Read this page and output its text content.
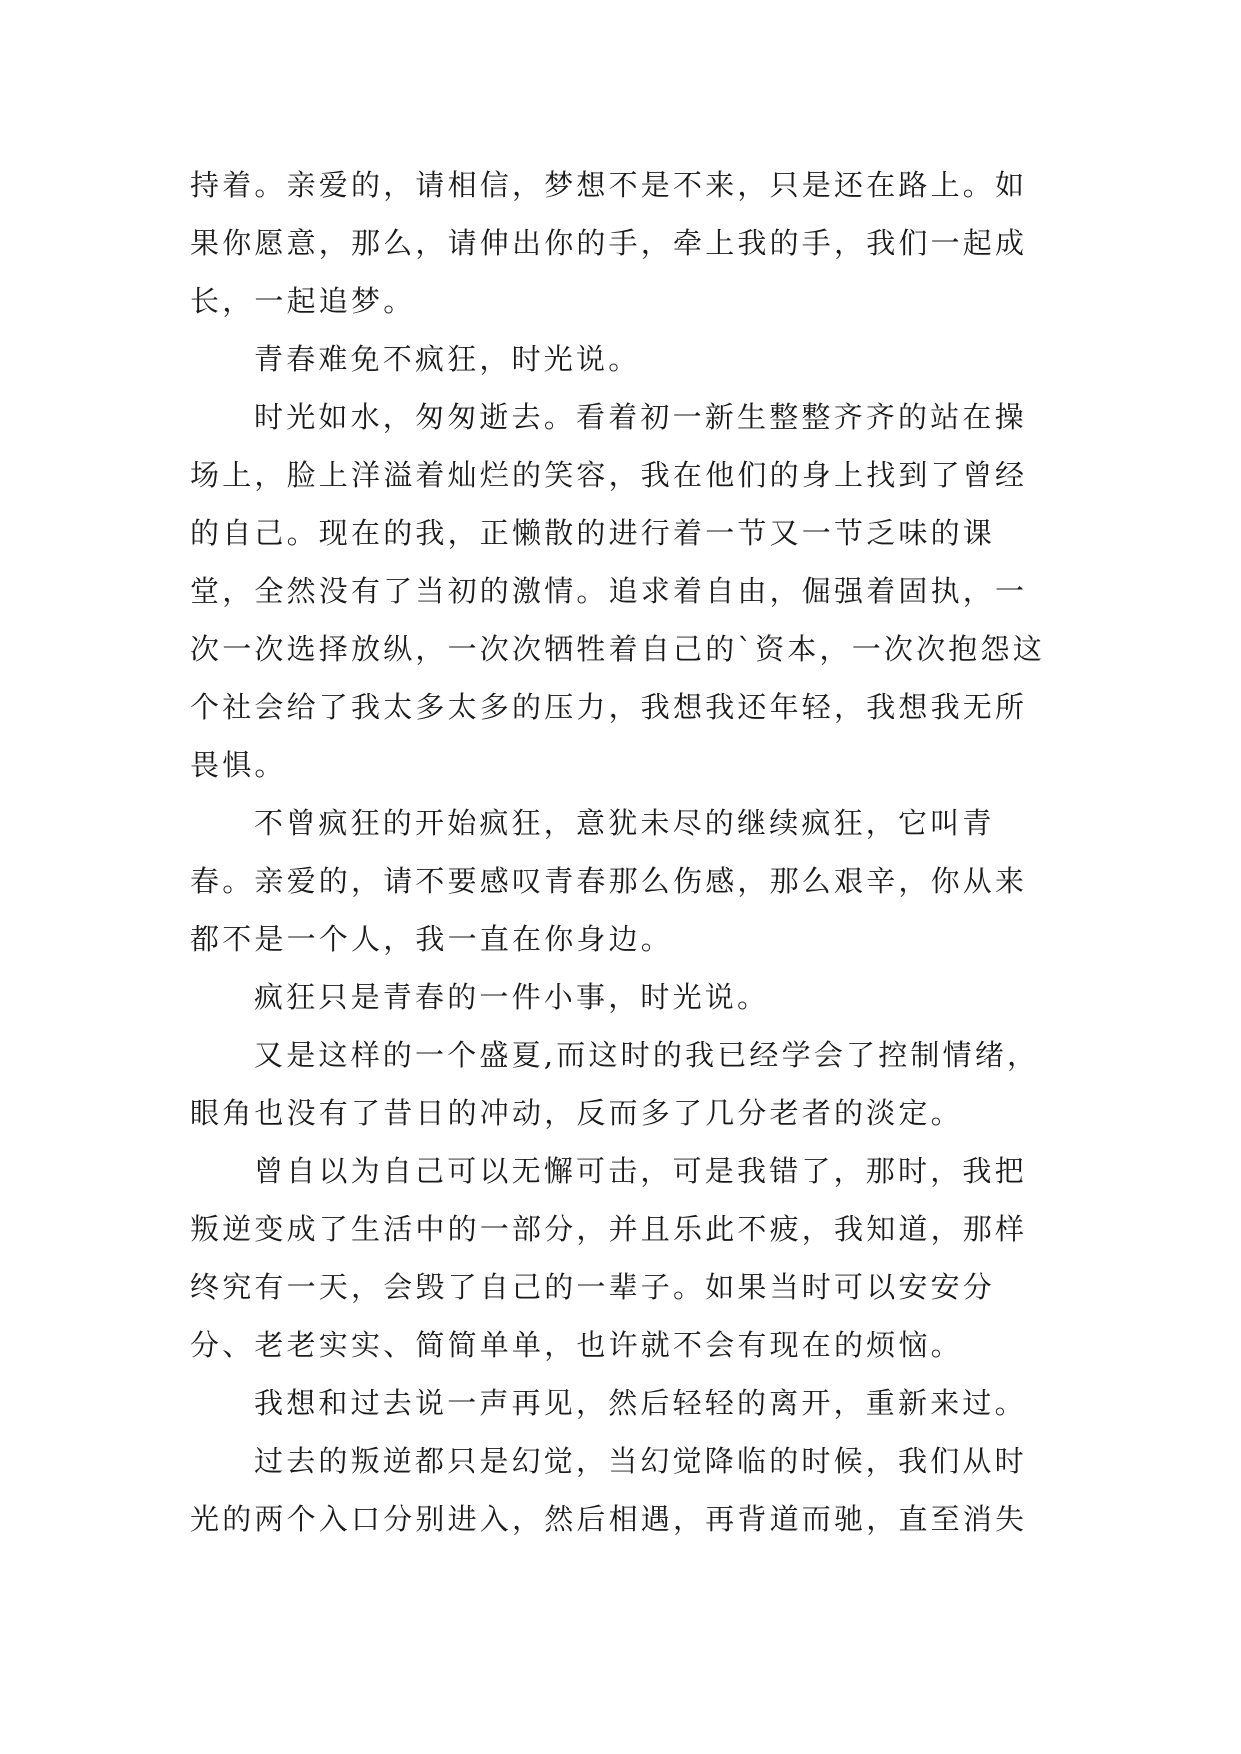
持着。亲爱的，请相信，梦想不是不来，只是还在路上。如果你愿意，那么，请伸出你的手，牵上我的手，我们一起成长，一起追梦。

青春难免不疯狂，时光说。

时光如水，匆匆逝去。看着初一新生整整齐齐的站在操场上，脸上洋溢着灿烂的笑容，我在他们的身上找到了曾经的自己。现在的我，正懒散的进行着一节又一节乏味的课堂，全然没有了当初的激情。追求着自由，倔强着固执，一次一次选择放纵，一次次牺牲着自己的`资本，一次次抱怨这个社会给了我太多太多的压力，我想我还年轻，我想我无所畏惧。

不曾疯狂的开始疯狂，意犹未尽的继续疯狂，它叫青春。亲爱的，请不要感叹青春那么伤感，那么艰辛，你从来都不是一个人，我一直在你身边。

疯狂只是青春的一件小事，时光说。

又是这样的一个盛夏,而这时的我已经学会了控制情绪，眼角也没有了昔日的冲动，反而多了几分老者的淡定。

曾自以为自己可以无懈可击，可是我错了，那时，我把叛逆变成了生活中的一部分，并且乐此不疲，我知道，那样终究有一天，会毁了自己的一辈子。如果当时可以安安分分、老老实实、简简单单，也许就不会有现在的烦恼。

我想和过去说一声再见，然后轻轻的离开，重新来过。

过去的叛逆都只是幻觉，当幻觉降临的时候，我们从时光的两个入口分别进入，然后相遇，再背道而驰，直至消失
